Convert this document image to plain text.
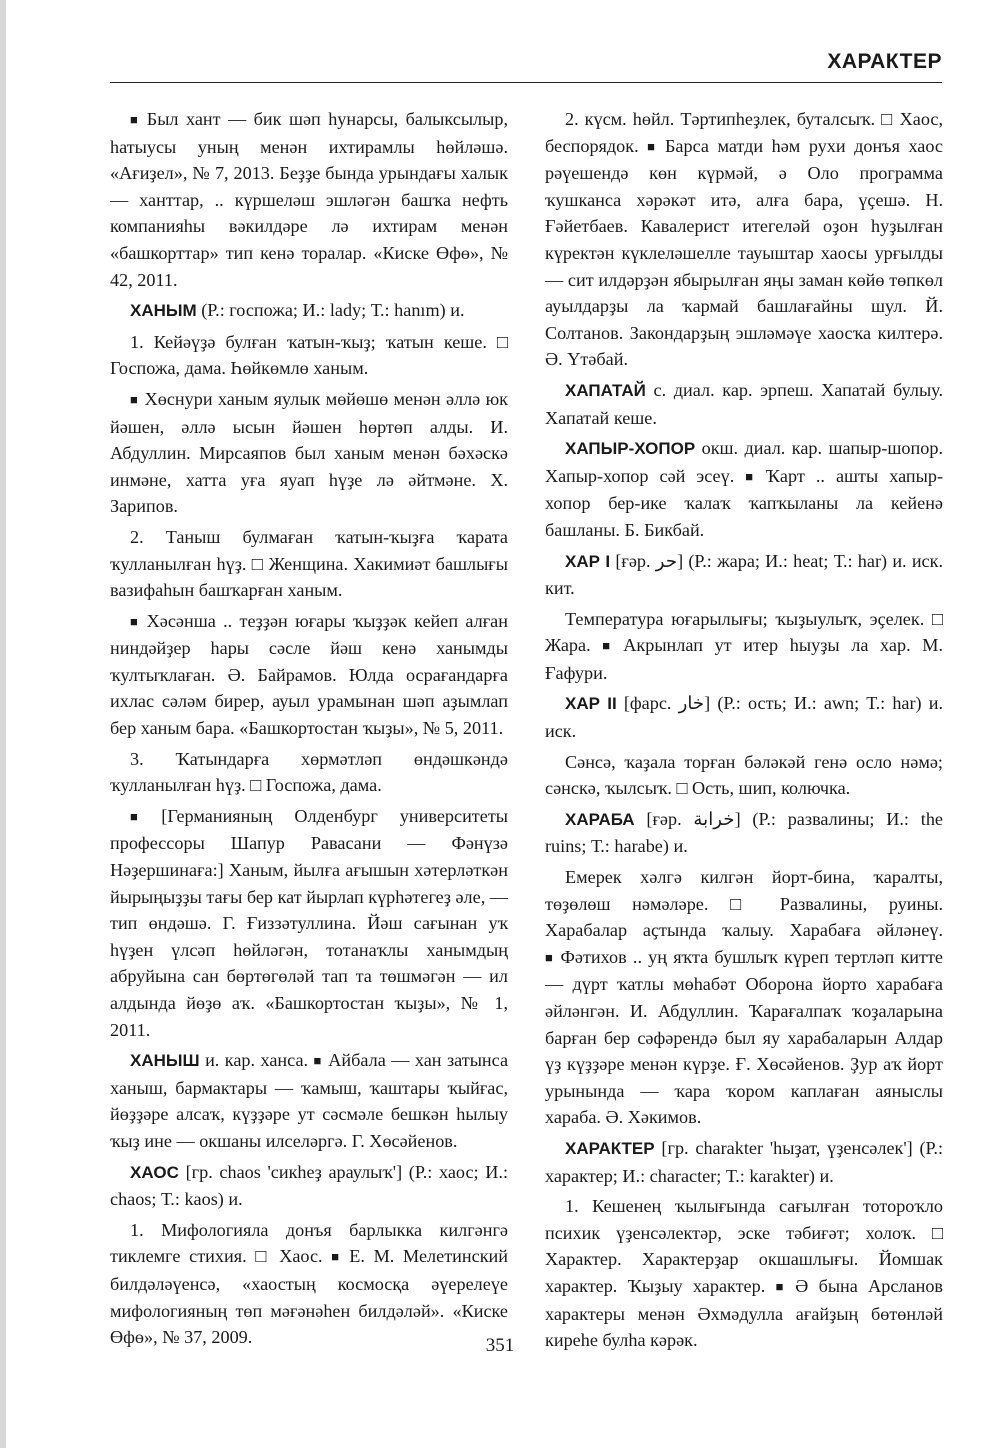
ХАРАКТЕР

■ Был хант — бик шәп һунарсы, балыксылыр, һатыусы уның менән ихтирамлы һөйләшә. «Ағиҙел», № 7, 2013. Беҙҙе бында урындағы халык — ханттар, .. күршеләш эшләгән башҡа нефть компанияһы вәкилдәре лә ихтирам менән «башкорттар» тип кенә торалар. «Киске Өфө», № 42, 2011.

ХАНЫМ (Р.: госпожа; И.: lady; Т.: hanım) и.

1. Кейәүҙә булған ҡатын-ҡыҙ; ҡатын кеше. □ Госпожа, дама. Һөйкөмлө ханым.

■ Хөснури ханым яулык мөйөшө менән әллә юк йәшен, әллә ысын йәшен һөртөп алды. И. Абдуллин. Мирсаяпов был ханым менән бәхәскә инмәне, хатта уға яуап һүҙе лә әйтмәне. Х. Зарипов.

2. Таныш булмаған ҡатын-ҡыҙға ҡарата ҡулланылған һүҙ. □ Женщина. Хакимиәт башлығы вазифаһын башҡарған ханым.

■ Хәсәнша .. теҙҙән юғары ҡыҙҙәк кейеп алған ниндәйҙер һары сәсле йәш кенә ханымды ҡултыҡлаған. Ә. Байрамов. Юлда осрағандарға ихлас сәләм бирер, ауыл урамынан шәп аҙымлап бер ханым бара. «Башкортостан ҡыҙы», № 5, 2011.

3. Ҡатындарға хөрмәтләп өндәшкәндә ҡулланылған һүҙ. □ Госпожа, дама.

■ [Германияның Олденбург университеты профессоры Шапур Равасани — Фәнүзә Нәҙершинаға:] Ханым, йылға ағышын хәтерләткән йырыңыҙҙы тағы бер кат йырлап күрһәтегеҙ әле, — тип өндәшә. Г. Ғиззәтуллина. Йәш сағынан уҡ һүҙен үлсәп һөйләгән, тотанаҡлы ханымдың абруйына сан бөртөгөләй тап та төшмәгән — ил алдында йөҙө аҡ. «Башкортостан ҡыҙы», № 1, 2011.

ХАНЫШ и. кар. ханса. ■ Айбала — хан затынса ханыш, бармактары — ҡамыш, ҡаштары ҡыйғас, йөҙҙәре алсаҡ, күҙҙәре ут сәсмәле бешкән һылыу ҡыҙ ине — окшаны илселәргә. Г. Хөсәйенов.

ХАОС [гр. chaos 'сикһеҙ араулыҡ'] (Р.: хаос; И.: chaos; Т.: kaos) и.

1. Мифологияла донъя барлыкка килгәнгә тиклемге стихия. □ Хаос. ■ Е. М. Мелетинский билдәләүенсә, «хаостың космосқа әүерелеүе мифологияның төп мәғәнәһен билдәләй». «Киске Өфө», № 37, 2009.

2. күсм. һөйл. Тәртипһеҙлек, буталсыҡ. □ Хаос, беспорядок. ■ Барса матди һәм рухи донъя хаос рәүешендә көн күрмәй, ә Оло программа ҡушканса хәрәкәт итә, алға бара, үҫешә. Н. Ғәйетбаев. Кавалерист итегеләй оҙон һуҙылған күректән күклеләшелле тауыштар хаосы урғылды — сит илдәрҙән ябырылған яңы заман көйө төпкөл ауылдарҙы ла ҡармай башлағайны шул. Й. Солтанов. Закондарҙың эшләмәүе хаосҡа килтерә. Ә. Үтәбай.

ХАПАТАЙ с. диал. кар. эрпеш. Хапатай булыу. Хапатай кеше.

ХАПЫР-ХОПОР окш. диал. кар. шапыр-шопор. Хапыр-хопор сәй эсеү. ■ Ҡарт .. ашты хапыр-хопор бер-ике ҡалаҡ ҡапҡыланы ла кейенә башланы. Б. Бикбай.

ХАР I [ғәр. حر] (Р.: жара; И.: heat; Т.: har) и. иск. кит.

Температура юғарылығы; ҡыҙыулыҡ, эҫелек. □ Жара. ■ Акрынлап ут итер һыуҙы ла хар. М. Ғафури.

ХАР II [фарс. خار] (Р.: ость; И.: awn; Т.: har) и. иск.

Сәнсә, ҡаҙала торған бәләкәй генә осло нәмә; сәнскә, ҡылсыҡ. □ Ость, шип, колючка.

ХАРАБА [ғәр. خرابة] (Р.: развалины; И.: the ruins; Т.: harabe) и.

Емерек хәлгә килгән йорт-бина, ҡаралты, төҙөлөш нәмәләре. □ Развалины, руины. Харабалар аҫтында ҡалыу. Харабаға әйләнеү. ■ Фәтихов .. уң яҡта бушлыҡ күреп тертләп китте — дүрт ҡатлы мөһабәт Оборона йорто харабаға әйләнгән. И. Абдуллин. Ҡарағалпаҡ ҡоҙаларына барған бер сәфәрендә был яу харабаларын Алдар үҙ күҙҙәре менән күрҙе. Ғ. Хөсәйенов. Ҙур аҡ йорт урынында — ҡара ҡором каплаған аяныслы хараба. Ә. Хәкимов.

ХАРАКТЕР [гр. charakter 'һыҙат, үҙенсәлек'] (Р.: характер; И.: character; Т.: karakter) и.

1. Кешенең ҡылығында сағылған тотороҡло психик үҙенсәлектәр, эске тәбиғәт; холоҡ. □ Характер. Характерҙар окшашлығы. Йомшак характер. Ҡыҙыу характер. ■ Ә бына Арсланов характеры менән Әхмәдулла ағайҙың бөтөнләй киреһе булһа кәрәк.

351
